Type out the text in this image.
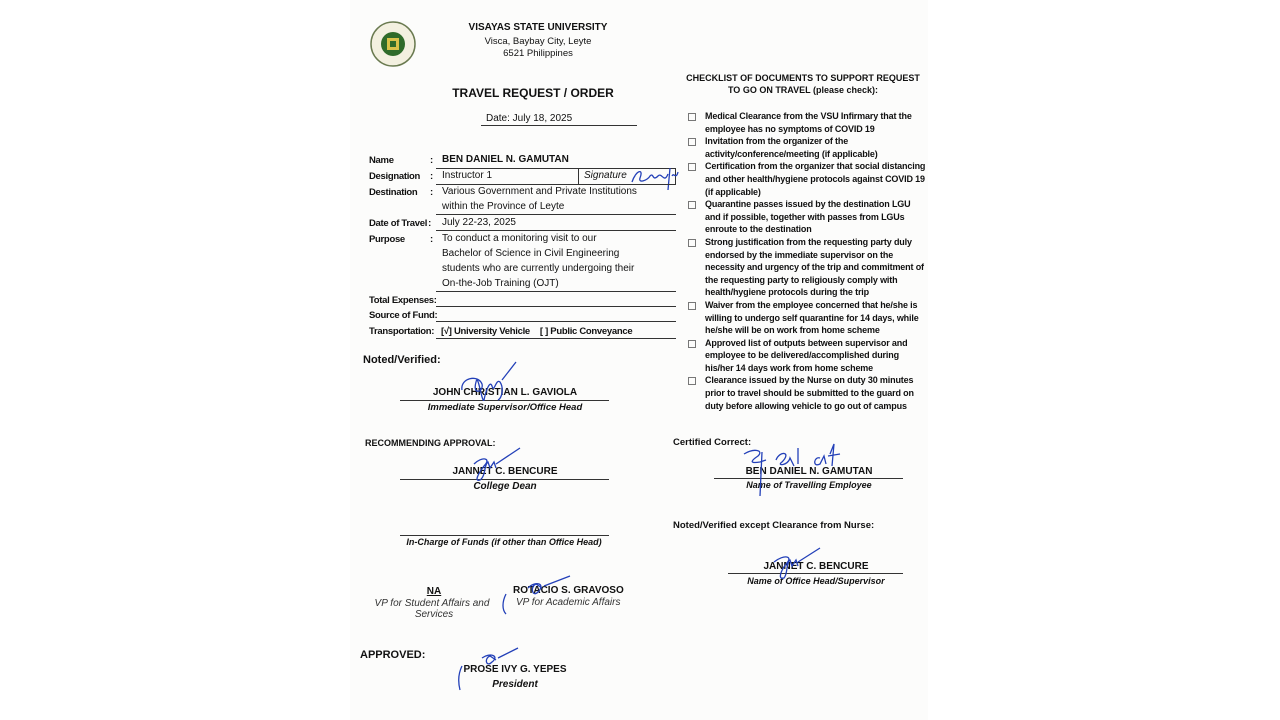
VISAYAS STATE UNIVERSITY
Visca, Baybay City, Leyte
6521 Philippines
TRAVEL REQUEST / ORDER
Date: July 18, 2025
Name	: BEN DANIEL N. GAMUTAN
Designation : Instructor 1	Signature
Destination : Various Government and Private Institutions
within the Province of Leyte
Date of Travel : July 22-23, 2025
Purpose	: To conduct a monitoring visit to our
Bachelor of Science in Civil Engineering
students who are currently undergoing their
On-the-Job Training (OJT)
Total Expenses:
Source of Fund:
Transportation: [√] University Vehicle [ ] Public Conveyance
CHECKLIST OF DOCUMENTS TO SUPPORT REQUEST
TO GO ON TRAVEL (please check):
Medical Clearance from the VSU Infirmary that the employee has no symptoms of COVID 19
Invitation from the organizer of the activity/conference/meeting (if applicable)
Certification from the organizer that social distancing and other health/hygiene protocols against COVID 19 (if applicable)
Quarantine passes issued by the destination LGU and if possible, together with passes from LGUs enroute to the destination
Strong justification from the requesting party duly endorsed by the immediate supervisor on the necessity and urgency of the trip and commitment of the requesting party to religiously comply with health/hygiene protocols during the trip
Waiver from the employee concerned that he/she is willing to undergo self quarantine for 14 days, while he/she will be on work from home scheme
Approved list of outputs between supervisor and employee to be delivered/accomplished during his/her 14 days work from home scheme
Clearance issued by the Nurse on duty 30 minutes prior to travel should be submitted to the guard on duty before allowing vehicle to go out of campus
Noted/Verified:
JOHN CHRISTIAN L. GAVIOLA
Immediate Supervisor/Office Head
RECOMMENDING APPROVAL:
JANNET C. BENCURE
College Dean
In-Charge of Funds (if other than Office Head)
NA
VP for Student Affairs and
Services
ROTACIO S. GRAVOSO
VP for Academic Affairs
APPROVED:
PROSE IVY G. YEPES
President
Certified Correct:
BEN DANIEL N. GAMUTAN
Name of Travelling Employee
Noted/Verified except Clearance from Nurse:
JANNET C. BENCURE
Name of Office Head/Supervisor
